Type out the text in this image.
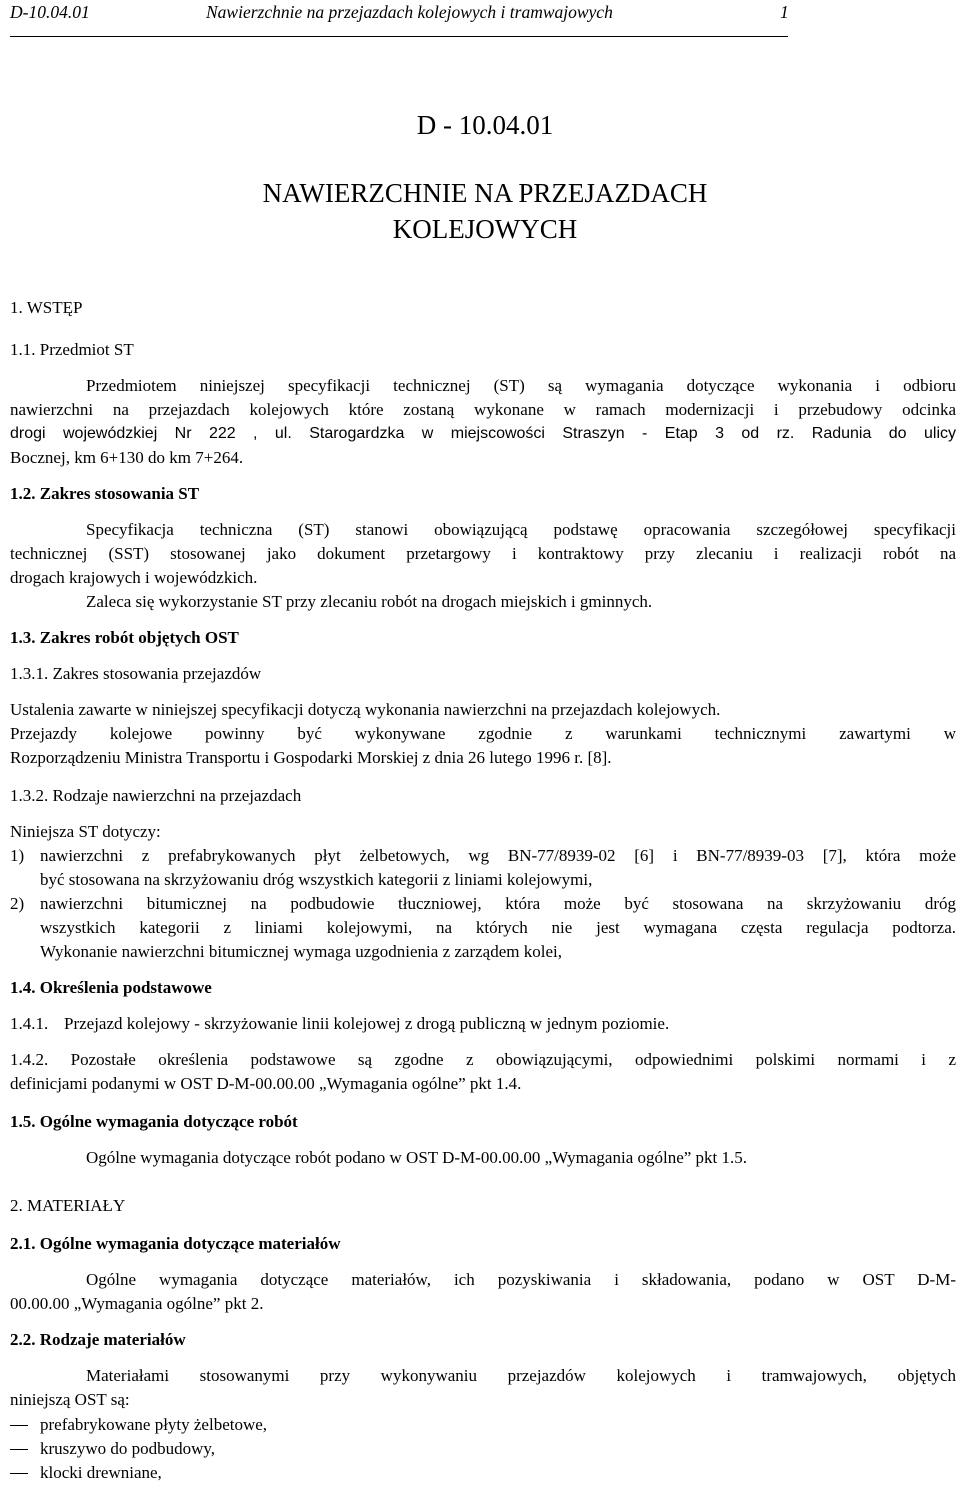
D-10.04.01	Nawierzchnie na przejazdach kolejowych i tramwajowych	1
D - 10.04.01
NAWIERZCHNIE NA PRZEJAZDACH
KOLEJOWYCH
1. WSTĘP
1.1. Przedmiot ST
Przedmiotem niniejszej specyfikacji technicznej (ST) są wymagania dotyczące wykonania i odbioru
nawierzchni na przejazdach kolejowych które zostaną wykonane w ramach modernizacji i przebudowy odcinka
drogi wojewódzkiej Nr 222 , ul. Starogardzka w miejscowości Straszyn - Etap 3 od rz. Radunia do ulicy
Bocznej, km 6+130 do km 7+264.
1.2. Zakres stosowania ST
Specyfikacja techniczna (ST) stanowi obowiązującą podstawę opracowania szczegółowej specyfikacji
technicznej (SST) stosowanej jako dokument przetargowy i kontraktowy przy zlecaniu i realizacji robót na
drogach krajowych i wojewódzkich.
Zaleca się wykorzystanie ST przy zlecaniu robót na drogach miejskich i gminnych.
1.3. Zakres robót objętych OST
1.3.1. Zakres stosowania przejazdów
Ustalenia zawarte w niniejszej specyfikacji dotyczą wykonania nawierzchni na przejazdach kolejowych.
Przejazdy kolejowe powinny być wykonywane zgodnie z warunkami technicznymi zawartymi w
Rozporządzeniu Ministra Transportu i Gospodarki Morskiej z dnia 26 lutego 1996 r. [8].
1.3.2. Rodzaje nawierzchni na przejazdach
Niniejsza ST dotyczy:
1) nawierzchni z prefabrykowanych płyt żelbetowych, wg BN-77/8939-02 [6] i BN-77/8939-03 [7], która może
być stosowana na skrzyżowaniu dróg wszystkich kategorii z liniami kolejowymi,
2) nawierzchni bitumicznej na podbudowie tłuczniowej, która może być stosowana na skrzyżowaniu dróg
wszystkich kategorii z liniami kolejowymi, na których nie jest wymagana częsta regulacja podtorza.
Wykonanie nawierzchni bitumicznej wymaga uzgodnienia z zarządem kolei,
1.4. Określenia podstawowe
1.4.1. Przejazd kolejowy - skrzyżowanie linii kolejowej z drogą publiczną w jednym poziomie.
1.4.2. Pozostałe określenia podstawowe są zgodne z obowiązującymi, odpowiednimi polskimi normami i z
definicjami podanymi w OST D-M-00.00.00 „Wymagania ogólne” pkt 1.4.
1.5. Ogólne wymagania dotyczące robót
Ogólne wymagania dotyczące robót podano w OST D-M-00.00.00 „Wymagania ogólne” pkt 1.5.
2. MATERIAŁY
2.1. Ogólne wymagania dotyczące materiałów
Ogólne wymagania dotyczące materiałów, ich pozyskiwania i składowania, podano w OST D-M-
00.00.00 „Wymagania ogólne” pkt 2.
2.2. Rodzaje materiałów
Materiałami stosowanymi przy wykonywaniu przejazdów kolejowych i tramwajowych, objętych
niniejszą OST są:
prefabrykowane płyty żelbetowe,
kruszywo do podbudowy,
klocki drewniane,
